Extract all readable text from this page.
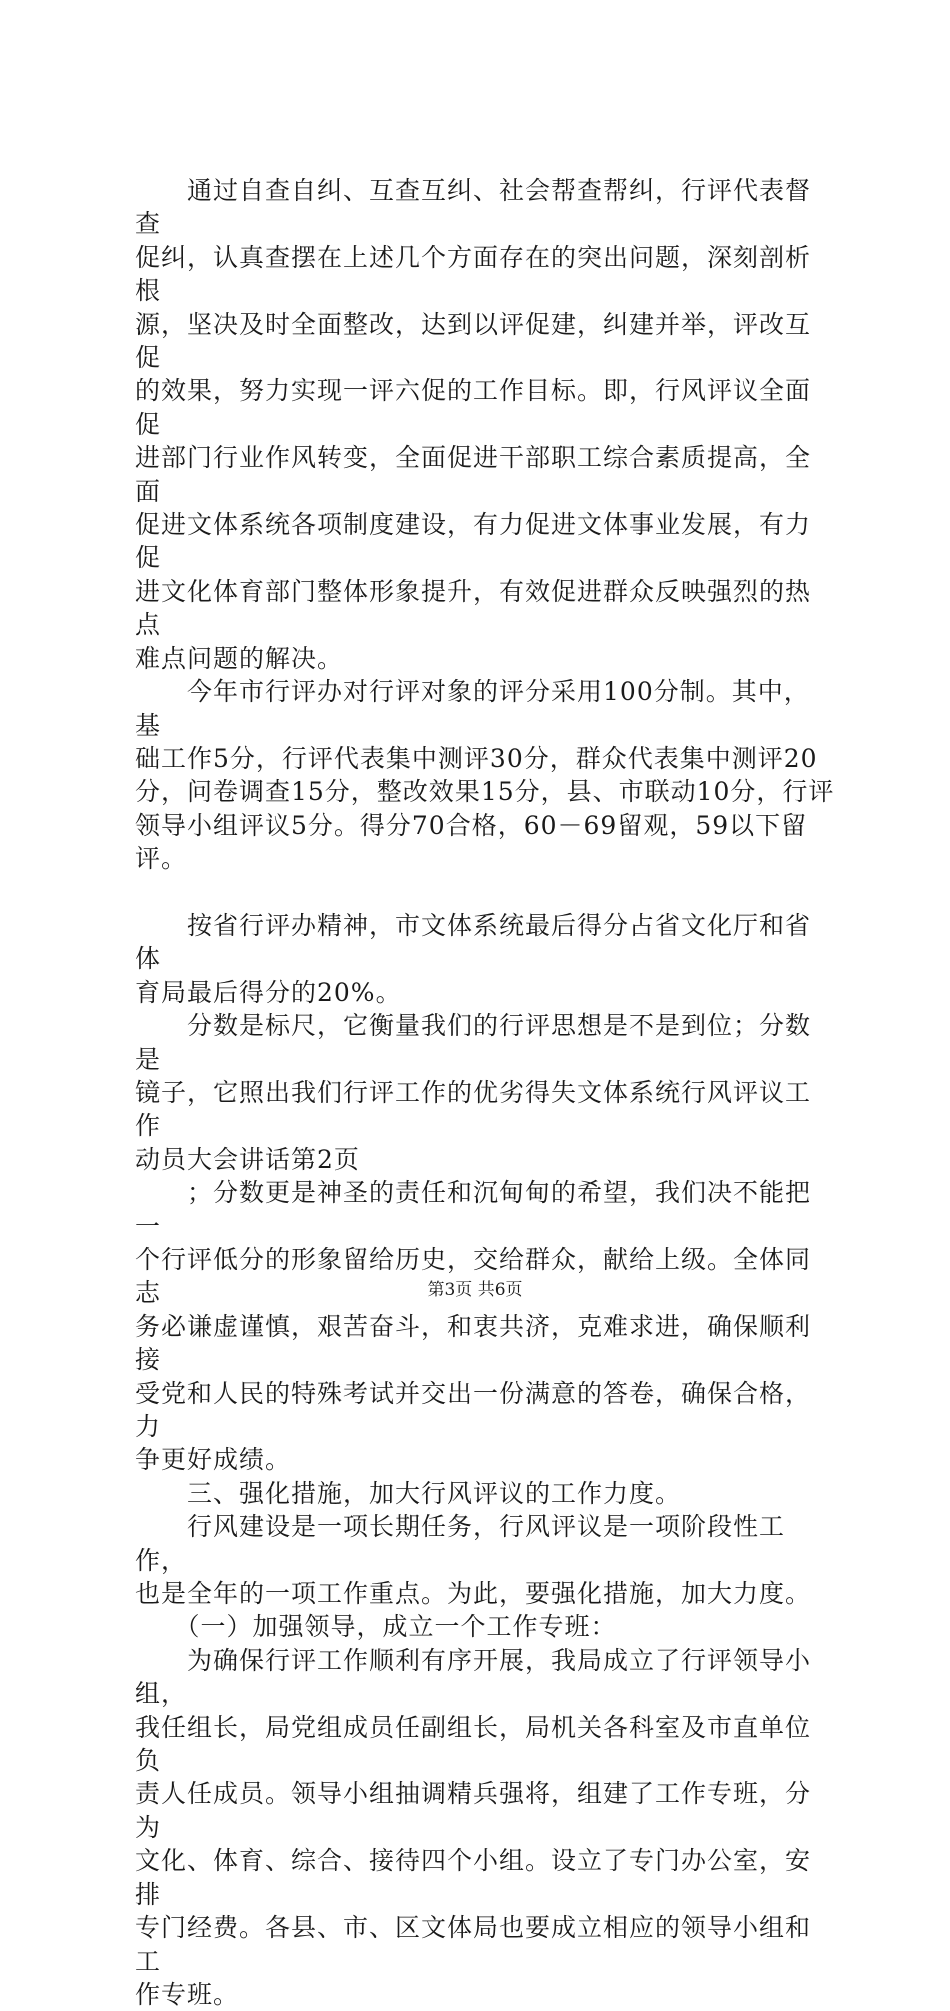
　　通过自查自纠、互查互纠、社会帮查帮纠，行评代表督查

促纠，认真查摆在上述几个方面存在的突出问题，深刻剖析根

源，坚决及时全面整改，达到以评促建，纠建并举，评改互促

的效果，努力实现一评六促的工作目标。即，行风评议全面促

进部门行业作风转变，全面促进干部职工综合素质提高，全面

促进文体系统各项制度建设，有力促进文体事业发展，有力促

进文化体育部门整体形象提升，有效促进群众反映强烈的热点

难点问题的解决。

　　今年市行评办对行评对象的评分采用100分制。其中，基

础工作5分，行评代表集中测评30分，群众代表集中测评20

分，问卷调查15分，整改效果15分，县、市联动10分，行评

领导小组评议5分。得分70合格，60－69留观，59以下留评。

　　按省行评办精神，市文体系统最后得分占省文化厅和省体

育局最后得分的20%。

　　分数是标尺，它衡量我们的行评思想是不是到位；分数是

镜子，它照出我们行评工作的优劣得失文体系统行风评议工作

动员大会讲话第2页

　　；分数更是神圣的责任和沉甸甸的希望，我们决不能把一

个行评低分的形象留给历史，交给群众，献给上级。全体同志

务必谦虚谨慎，艰苦奋斗，和衷共济，克难求进，确保顺利接

受党和人民的特殊考试并交出一份满意的答卷，确保合格，力

争更好成绩。

　　三、强化措施，加大行风评议的工作力度。

　　行风建设是一项长期任务，行风评议是一项阶段性工作，

也是全年的一项工作重点。为此，要强化措施，加大力度。

　　（一）加强领导，成立一个工作专班：

　　为确保行评工作顺利有序开展，我局成立了行评领导小组，

我任组长，局党组成员任副组长，局机关各科室及市直单位负

责人任成员。领导小组抽调精兵强将，组建了工作专班，分为

文化、体育、综合、接待四个小组。设立了专门办公室，安排

专门经费。各县、市、区文体局也要成立相应的领导小组和工

作专班。

第3页 共6页
